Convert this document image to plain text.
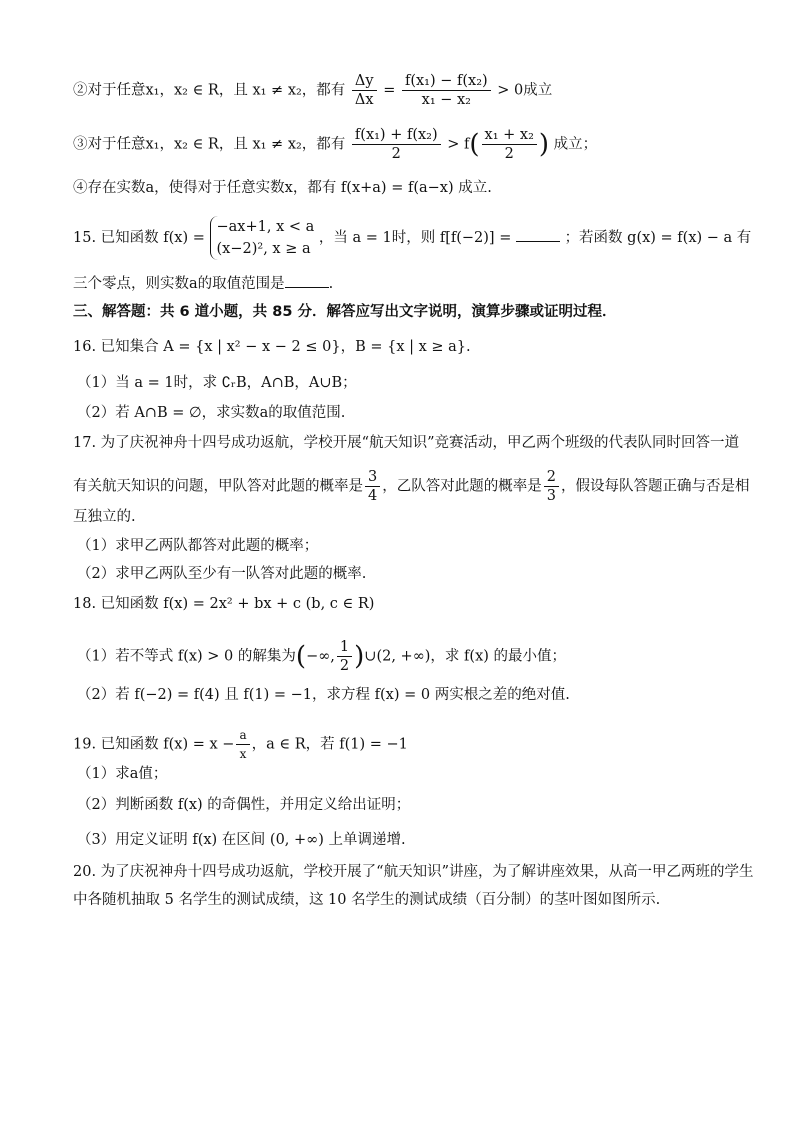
②对于任意x₁，x₂ ∈ R，且 x₁ ≠ x₂，都有 $\frac{\Delta y}{\Delta x} = \frac{\text{f(x₁) − f(x₂)}}{\text{x₁ − x₂}} > 0$成立
③对于任意x₁，x₂ ∈ R，且 x₁ ≠ x₂，都有 $\frac{\text{f(x₁) + f(x₂)}}{2} > f( \frac{\text{x₁ + x₂}}{2}$ ) 成立；
④存在实数a，使得对于任意实数x，都有 f(x+a) = f(a−x) 成立.
15. 已知函数 f(x) =
−ax+1, x < a
(x−2)², x ≥ a
，当 a = 1时，则 f[f(−2)] =	；若函数 g(x) = f(x) − a 有
三个零点，则实数a的取值范围是	.
三、解答题：共 6 道小题，共 85 分．解答应写出文字说明，演算步骤或证明过程．
16. 已知集合 A = {x | x² − x − 2 ≤ 0}，B = {x | x ≥ a}.
（1）当 a = 1时，求 ∁ᵣB，A∩B，A∪B；
（2）若 A∩B = ∅，求实数a的取值范围.
17. 为了庆祝神舟十四号成功返航，学校开展“航天知识”竞赛活动，甲乙两个班级的代表队同时回答一道
有关航天知识的问题，甲队答对此题的概率是 $\frac{3}{4}$ ，乙队答对此题的概率是 $\frac{2}{3}$ ，假设每队答题正确与否是相
互独立的.
（1）求甲乙两队都答对此题的概率；
（2）求甲乙两队至少有一队答对此题的概率.
18. 已知函数 f(x) = 2x² + bx + c (b, c ∈ R)
（1）若不等式 f(x) > 0 的解集为(−∞, $\frac{1}{2}$ )∪(2, +∞)，求 f(x) 的最小值；
（2）若 f(−2) = f(4) 且 f(1) = −1，求方程 f(x) = 0 两实根之差的绝对值.
19. 已知函数 $f(x) = x - \frac{a}{x}$ ，a ∈ R，若 f(1) = −1
（1）求a值；
（2）判断函数 f(x) 的奇偶性，并用定义给出证明；
（3）用定义证明 f(x) 在区间 (0, +∞) 上单调递增.
20. 为了庆祝神舟十四号成功返航，学校开展了“航天知识”讲座，为了解讲座效果，从高一甲乙两班的学生
中各随机抽取 5 名学生的测试成绩，这 10 名学生的测试成绩（百分制）的茎叶图如图所示.
